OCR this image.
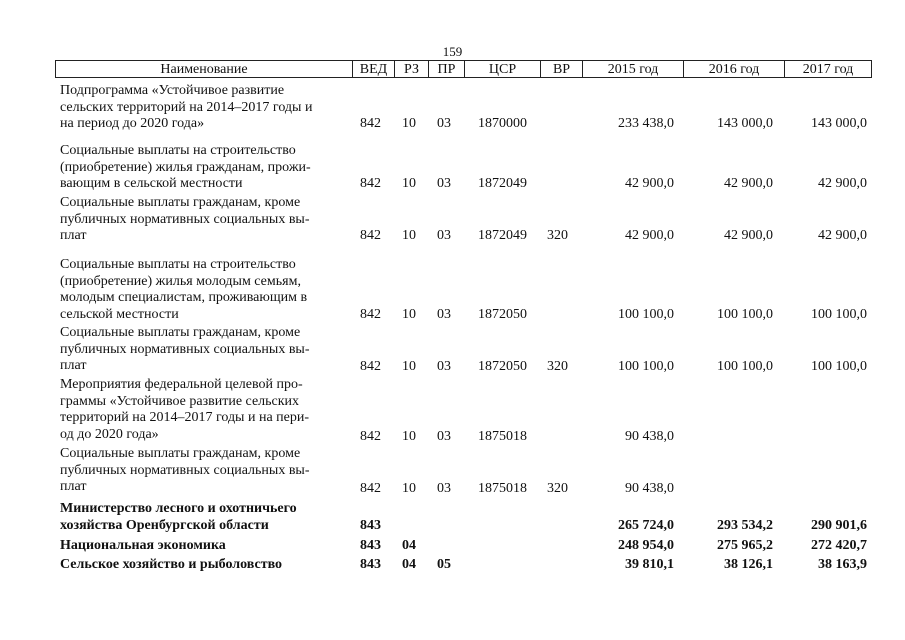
159
Наименование	ВЕД	РЗ	ПР	ЦСР	ВР	2015 год	2016 год	2017 год
Подпрограмма «Устойчивое развитие
сельских территорий на 2014–2017 годы и
на период до 2020 года»	842 10 03 1870000	233 438,0	143 000,0	143 000,0
Социальные выплаты на строительство
(приобретение) жилья гражданам, прожи-
вающим в сельской местности	842 10 03 1872049	42 900,0	42 900,0	42 900,0
Социальные выплаты гражданам, кроме
публичных нормативных социальных вы-
плат	842 10 03 1872049 320	42 900,0	42 900,0	42 900,0
Социальные выплаты на строительство
(приобретение) жилья молодым семьям,
молодым специалистам, проживающим в
сельской местности	842 10 03 1872050	100 100,0	100 100,0	100 100,0
Социальные выплаты гражданам, кроме
публичных нормативных социальных вы-
плат	842 10 03 1872050 320	100 100,0	100 100,0	100 100,0
Мероприятия федеральной целевой про-
граммы «Устойчивое развитие сельских
территорий на 2014–2017 годы и на пери-
од до 2020 года»	842 10 03 1875018	90 438,0
Социальные выплаты гражданам, кроме
публичных нормативных социальных вы-
плат	842 10 03 1875018 320	90 438,0
Министерство лесного и охотничьего
хозяйства Оренбургской области	843	265 724,0	293 534,2	290 901,6
Национальная экономика	843 04	248 954,0	275 965,2	272 420,7
Сельское хозяйство и рыболовство	843 04 05	39 810,1	38 126,1	38 163,9
